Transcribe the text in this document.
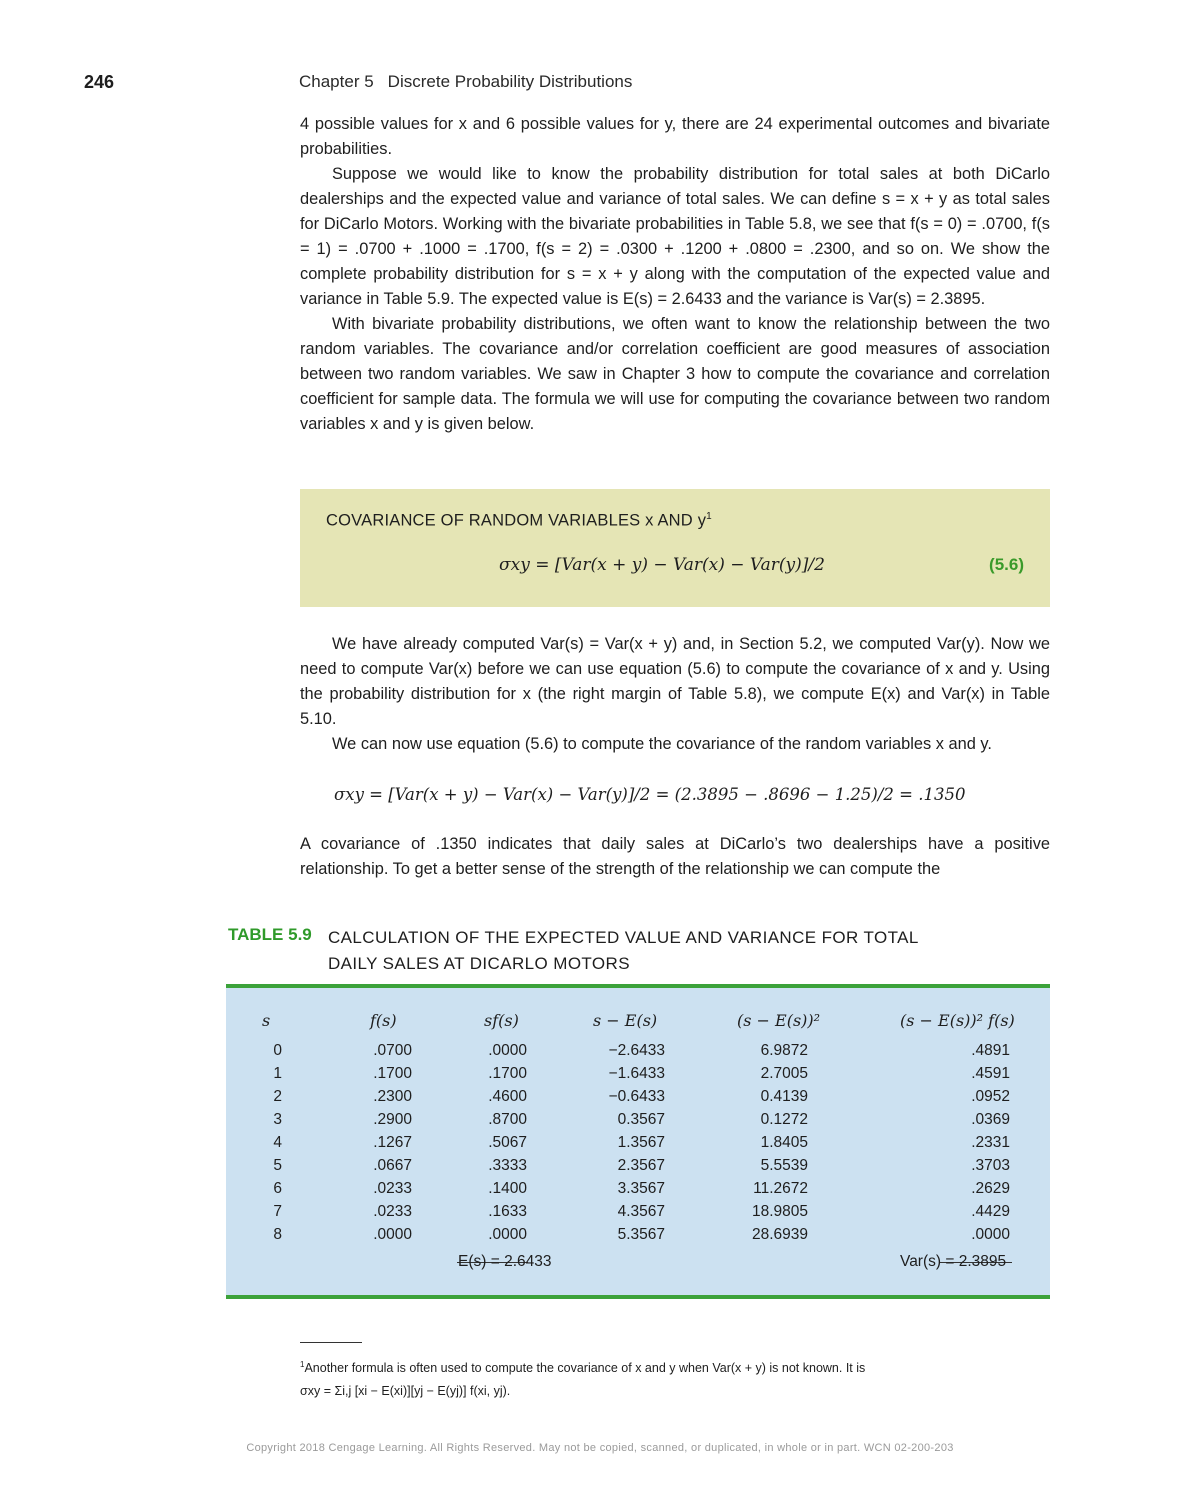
246	Chapter 5 Discrete Probability Distributions

4 possible values for x and 6 possible values for y, there are 24 experimental outcomes and bivariate probabilities.

Suppose we would like to know the probability distribution for total sales at both DiCarlo dealerships and the expected value and variance of total sales. We can define s = x + y as total sales for DiCarlo Motors. Working with the bivariate probabilities in Table 5.8, we see that f(s = 0) = .0700, f(s = 1) = .0700 + .1000 = .1700, f(s = 2) = .0300 + .1200 + .0800 = .2300, and so on. We show the complete probability distribution for s = x + y along with the computation of the expected value and variance in Table 5.9. The expected value is E(s) = 2.6433 and the variance is Var(s) = 2.3895.

With bivariate probability distributions, we often want to know the relationship between the two random variables. The covariance and/or correlation coefficient are good measures of association between two random variables. We saw in Chapter 3 how to compute the covariance and correlation coefficient for sample data. The formula we will use for computing the covariance between two random variables x and y is given below.

COVARIANCE OF RANDOM VARIABLES x AND $y^1$
σxy = [Var(x + y) − Var(x) − Var(y)]/2	(5.6)

We have already computed Var(s) = Var(x + y) and, in Section 5.2, we computed Var(y). Now we need to compute Var(x) before we can use equation (5.6) to compute the covariance of x and y. Using the probability distribution for x (the right margin of Table 5.8), we compute E(x) and Var(x) in Table 5.10.

We can now use equation (5.6) to compute the covariance of the random variables x and y.

σxy = [Var(x + y) − Var(x) − Var(y)]/2 = (2.3895 − .8696 − 1.25)/2 = .1350

A covariance of .1350 indicates that daily sales at DiCarlo’s two dealerships have a positive relationship. To get a better sense of the strength of the relationship we can compute the

TABLE 5.9 CALCULATION OF THE EXPECTED VALUE AND VARIANCE FOR TOTAL
DAILY SALES AT DICARLO MOTORS
s	f(s)	sf(s)	s − E(s)	(s − E(s))²	(s − E(s))² f(s)
0	.0700	.0000	−2.6433	6.9872	.4891
1	.1700	.1700	−1.6433	2.7005	.4591
2	.2300	.4600	−0.6433	0.4139	.0952
3	.2900	.8700	0.3567	0.1272	.0369
4	.1267	.5067	1.3567	1.8405	.2331
5	.0667	.3333	2.3567	5.5539	.3703
6	.0233	.1400	3.3567	11.2672	.2629
7	.0233	.1633	4.3567	18.9805	.4429
8	.0000	.0000	5.3567	28.6939	.0000
E(s) = 2.6433	Var(s) = 2.3895
$^1$Another formula is often used to compute the covariance of x and y when Var(x + y) is not known. It is
σxy = Σi,j [xi − E(xi)][yj − E(yj)] f(xi, yj).
Copyright 2018 Cengage Learning. All Rights Reserved. May not be copied, scanned, or duplicated, in whole or in part. WCN 02-200-203
